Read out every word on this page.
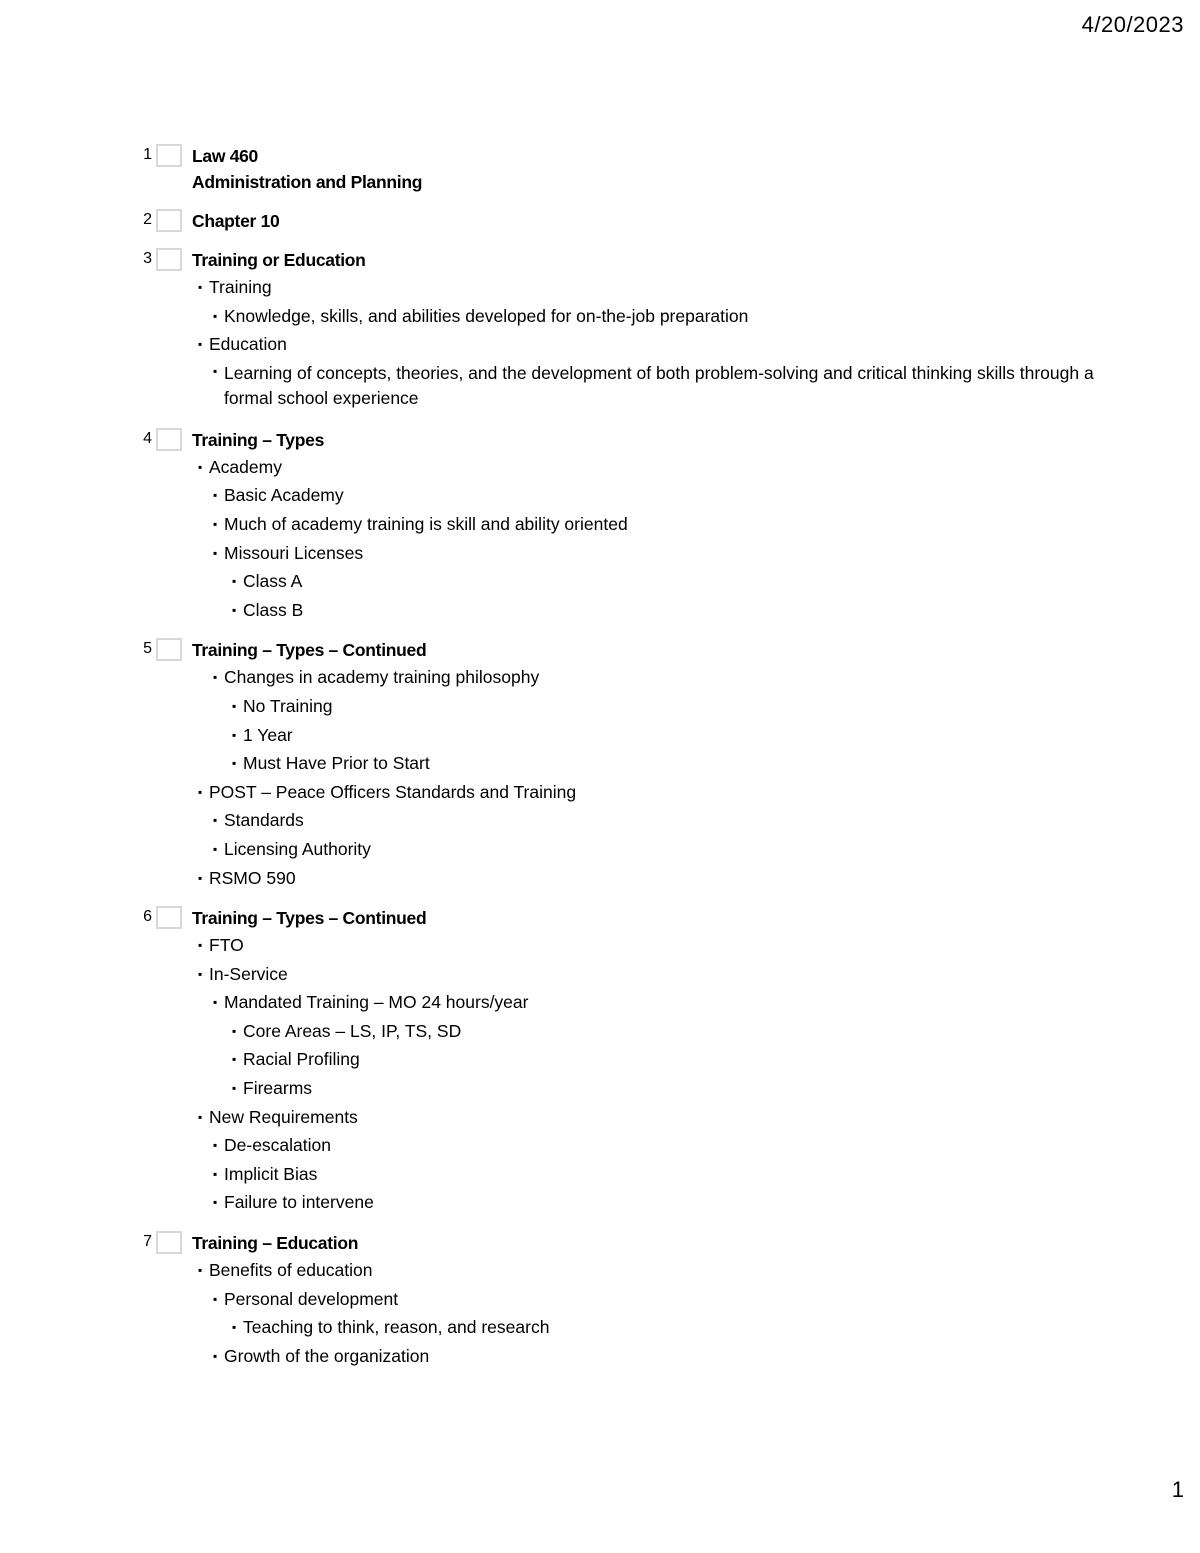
4/20/2023
1 Law 460
Administration and Planning
2 Chapter 10
3 Training or Education
▪ Training
▪ Knowledge, skills, and abilities developed for on-the-job preparation
▪ Education
▪ Learning of concepts, theories, and the development of both problem-solving and critical thinking skills through a formal school experience
4 Training – Types
▪ Academy
▪ Basic Academy
▪ Much of academy training is skill and ability oriented
▪ Missouri Licenses
▪ Class A
▪ Class B
5 Training – Types – Continued
▪ Changes in academy training philosophy
▪ No Training
▪ 1 Year
▪ Must Have Prior to Start
▪ POST – Peace Officers Standards and Training
▪ Standards
▪ Licensing Authority
▪ RSMO 590
6 Training – Types – Continued
▪ FTO
▪ In-Service
▪ Mandated Training – MO 24 hours/year
▪ Core Areas – LS, IP, TS, SD
▪ Racial Profiling
▪ Firearms
▪ New Requirements
▪ De-escalation
▪ Implicit Bias
▪ Failure to intervene
7 Training – Education
▪ Benefits of education
▪ Personal development
▪ Teaching to think, reason, and research
▪ Growth of the organization
1
